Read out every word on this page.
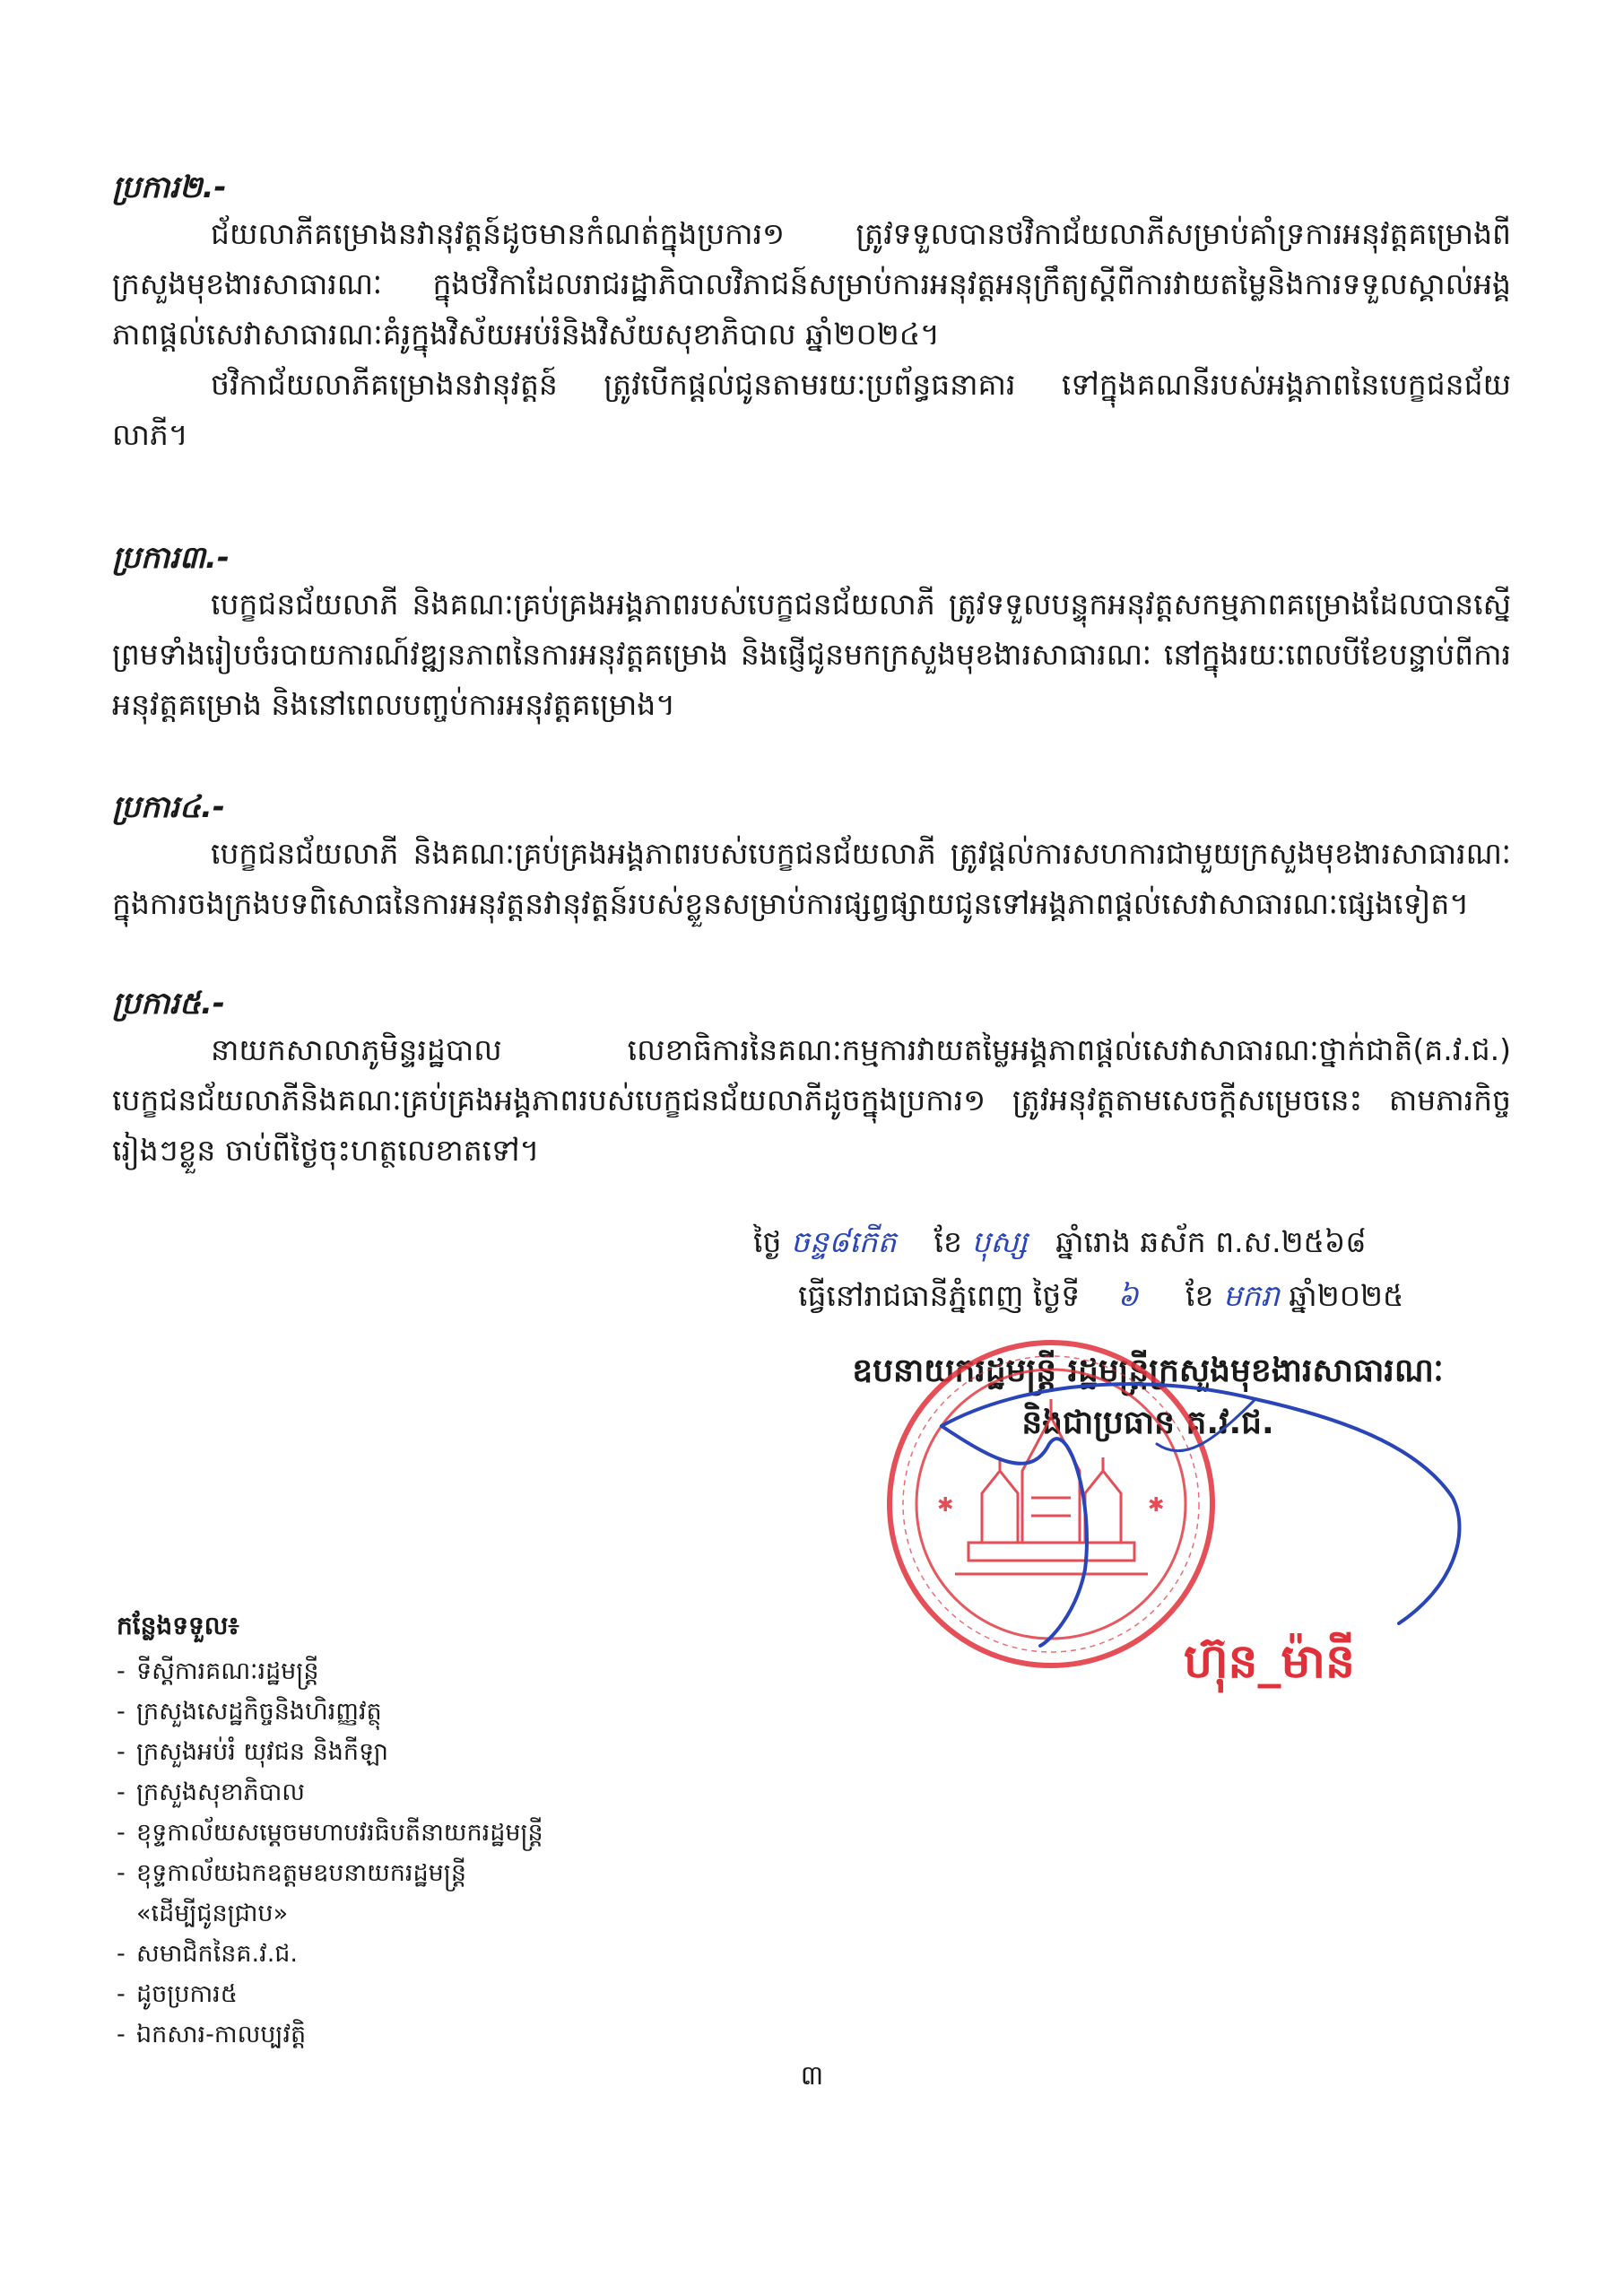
ប្រការ២.-

ជ័យលាភីគម្រោងនវានុវត្តន៍ដូចមានកំណត់ក្នុងប្រការ១ ត្រូវទទួលបានថវិកាជ័យលាភីសម្រាប់គាំទ្រការអនុវត្តគម្រោងពីក្រសួងមុខងារសាធារណៈ ក្នុងថវិកាដែលរាជរដ្ឋាភិបាលវិភាជន៍សម្រាប់ការអនុវត្តអនុក្រឹត្យស្តីពីការវាយតម្លៃនិងការទទួលស្គាល់អង្គភាពផ្តល់សេវាសាធារណៈគំរូក្នុងវិស័យអប់រំនិងវិស័យសុខាភិបាល ឆ្នាំ២០២៤។

ថវិកាជ័យលាភីគម្រោងនវានុវត្តន៍ ត្រូវបើកផ្តល់ជូនតាមរយៈប្រព័ន្ធធនាគារ ទៅក្នុងគណនីរបស់អង្គភាពនៃបេក្ខជនជ័យលាភី។

ប្រការ៣.-

បេក្ខជនជ័យលាភី និងគណៈគ្រប់គ្រងអង្គភាពរបស់បេក្ខជនជ័យលាភី ត្រូវទទួលបន្ទុកអនុវត្តសកម្មភាពគម្រោងដែលបានស្នើ ព្រមទាំងរៀបចំរបាយការណ៍វឌ្ឍនភាពនៃការអនុវត្តគម្រោង និងផ្ញើជូនមកក្រសួងមុខងារសាធារណៈ នៅក្នុងរយៈពេលបីខែបន្ទាប់ពីការអនុវត្តគម្រោង និងនៅពេលបញ្ចប់ការអនុវត្តគម្រោង។

ប្រការ៤.-

បេក្ខជនជ័យលាភី និងគណៈគ្រប់គ្រងអង្គភាពរបស់បេក្ខជនជ័យលាភី ត្រូវផ្តល់ការសហការជាមួយក្រសួងមុខងារសាធារណៈក្នុងការចងក្រងបទពិសោធនៃការអនុវត្តនវានុវត្តន៍របស់ខ្លួនសម្រាប់ការផ្សព្វផ្សាយជូនទៅអង្គភាពផ្តល់សេវាសាធារណៈផ្សេងទៀត។

ប្រការ៥.-

នាយកសាលាភូមិន្ទរដ្ឋបាល លេខាធិការនៃគណៈកម្មការវាយតម្លៃអង្គភាពផ្តល់សេវាសាធារណៈថ្នាក់ជាតិ(គ.វ.ជ.) បេក្ខជនជ័យលាភីនិងគណៈគ្រប់គ្រងអង្គភាពរបស់បេក្ខជនជ័យលាភីដូចក្នុងប្រការ១ ត្រូវអនុវត្តតាមសេចក្តីសម្រេចនេះ តាមភារកិច្ចរៀងៗខ្លួន ចាប់ពីថ្ងៃចុះហត្ថលេខាតទៅ។

ថ្ងៃ ចន្ទ៨កើត ខែ បុស្ស ឆ្នាំរោង ឆស័ក ព.ស.២៥៦៨
ធ្វើនៅរាជធានីភ្នំពេញ ថ្ងៃទី ៦ ខែ មករា ឆ្នាំ២០២៥
ឧបនាយករដ្ឋមន្ត្រី រដ្ឋមន្ត្រីក្រសួងមុខងារសាធារណៈ
និងជាប្រធាន គ.វ.ជ.
✱	✱
ហ៊ុន_ម៉ានី

កន្លែងទទួល៖

- ទីស្តីការគណៈរដ្ឋមន្ត្រី
- ក្រសួងសេដ្ឋកិច្ចនិងហិរញ្ញវត្ថុ
- ក្រសួងអប់រំ យុវជន និងកីឡា
- ក្រសួងសុខាភិបាល
- ខុទ្ទកាល័យសម្តេចមហាបវរធិបតីនាយករដ្ឋមន្ត្រី
- ខុទ្ទកាល័យឯកឧត្តមឧបនាយករដ្ឋមន្ត្រី
«ដើម្បីជូនជ្រាប»
- សមាជិកនៃគ.វ.ជ.
- ដូចប្រការ៥
- ឯកសារ-កាលប្បវត្តិ
៣
